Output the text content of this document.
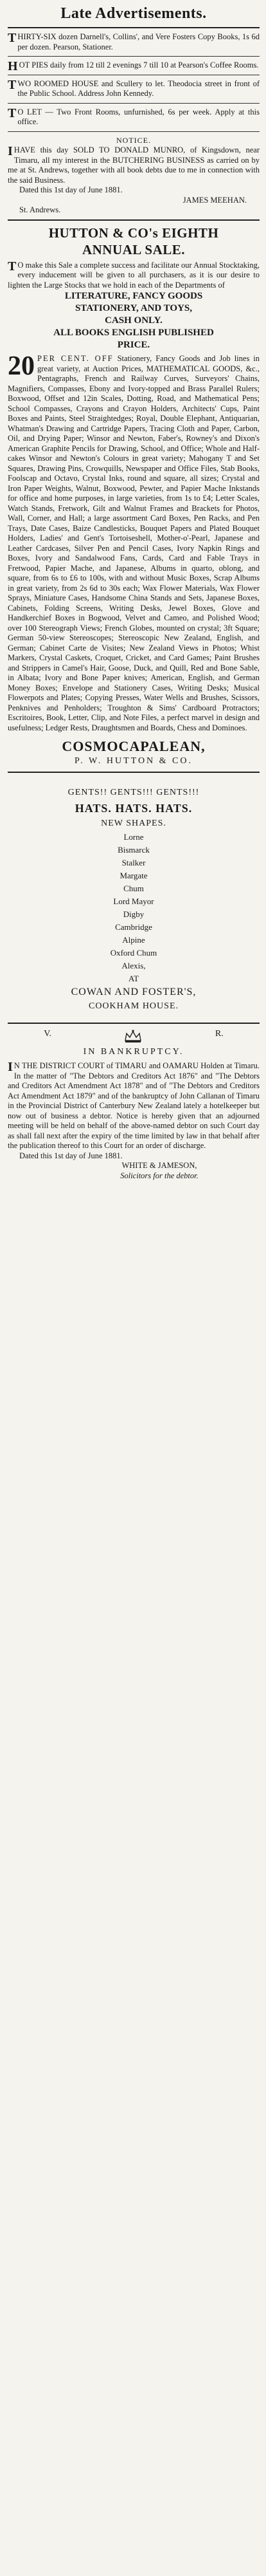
Late Advertisements.
T HIRTY-SIX dozen Darnell's, Collins', and Vere Fosters Copy Books, 1s 6d per dozen. Pearson, Stationer.
H OT PIES daily from 12 till 2 evenings 7 till 10 at Pearson's Coffee Rooms.
T WO ROOMED HOUSE and Scullery to let. Theodocia street in front of the Public School. Address John Kennedy.
T O LET — Two Front Rooms, unfurnished, 6s per week. Apply at this office.
NOTICE.
I HAVE this day SOLD TO DONALD MUNRO, of Kingsdown, near Timaru, all my interest in the BUTCHERING BUSINESS as carried on by me at St. Andrews, together with all book debts due to me in connection with the said Business.
Dated this 1st day of June 1881.
JAMES MEEHAN.
St. Andrews.
HUTTON & CO's EIGHTH
ANNUAL SALE.
T O make this Sale a complete success and facilitate our Annual Stocktaking, every inducement will be given to all purchasers, as it is our desire to lighten the Large Stocks that we hold in each of the Departments of
LITERATURE, FANCY GOODS
STATIONERY, AND TOYS,
CASH ONLY.
ALL BOOKS ENGLISH PUBLISHED
PRICE.
20 PER CENT. OFF Stationery, Fancy Goods and Job lines in great variety, at Auction Prices, MATHEMATICAL GOODS, &c., Pentagraphs, French and Railway Curves, Surveyors' Chains, Magnifiers, Compasses, Ebony and Ivory-topped and Brass Parallel Rulers; Boxwood, Offset and 12in Scales, Dotting, Road, and Mathematical Pens; School Compasses, Crayons and Crayon Holders, Architects' Cups, Paint Boxes and Paints, Steel Straightedges; Royal, Double Elephant, Antiquarian, Whatman's Drawing and Cartridge Papers, Tracing Cloth and Paper, Carbon, Oil, and Drying Paper; Winsor and Newton, Faber's, Rowney's and Dixon's American Graphite Pencils for Drawing, School, and Office; Whole and Half-cakes Winsor and Newton's Colours in great variety; Mahogany T and Set Squares, Drawing Pins, Crowquills, Newspaper and Office Files, Stab Books, Foolscap and Octavo, Crystal Inks, round and square, all sizes; Crystal and Iron Paper Weights, Walnut, Boxwood, Pewter, and Papier Mache Inkstands for office and home purposes, in large varieties, from 1s to £4; Letter Scales, Watch Stands, Fretwork, Gilt and Walnut Frames and Brackets for Photos, Wall, Corner, and Hall; a large assortment Card Boxes, Pen Racks, and Pen Trays, Date Cases, Baize Candlesticks, Bouquet Papers and Plated Bouquet Holders, Ladies' and Gent's Tortoiseshell, Mother-o'-Pearl, Japanese and Leather Cardcases, Silver Pen and Pencil Cases, Ivory Napkin Rings and Boxes, Ivory and Sandalwood Fans, Cards, Card and Fable Trays in Fretwood, Papier Mache, and Japanese, Albums in quarto, oblong, and square, from 6s to £6 to 100s, with and without Music Boxes, Scrap Albums in great variety, from 2s 6d to 30s each; Wax Flower Materials, Wax Flower Sprays, Miniature Cases, Handsome China Stands and Sets, Japanese Boxes, Cabinets, Folding Screens, Writing Desks, Jewel Boxes, Glove and Handkerchief Boxes in Bogwood, Velvet and Cameo, and Polished Wood; over 100 Stereograph Views; French Globes, mounted on crystal; 3ft Square; German 50-view Stereoscopes; Stereoscopic New Zealand, English, and German; Cabinet Carte de Visites; New Zealand Views in Photos; Whist Markers, Crystal Caskets, Croquet, Cricket, and Card Games; Paint Brushes and Strippers in Camel's Hair, Goose, Duck, and Quill, Red and Bone Sable, in Albata; Ivory and Bone Paper knives; American, English, and German Money Boxes; Envelope and Stationery Cases, Writing Desks; Musical Flowerpots and Plates; Copying Presses, Water Wells and Brushes, Scissors, Penknives and Penholders; Troughton & Sims' Cardboard Protractors; Escritoires, Book, Letter, Clip, and Note Files, a perfect marvel in design and usefulness; Ledger Rests, Draughtsmen and Boards, Chess and Dominoes.
COSMOCAPALEAN,
P. W. HUTTON & CO.
GENTS!! GENTS!!! GENTS!!!
HATS. HATS. HATS.
NEW SHAPES.
Lorne
Bismarck
Stalker
Margate
Chum
Lord Mayor
Digby
Cambridge
Alpine
Oxford Chum
Alexis,
AT
COWAN AND FOSTER'S,
COOKHAM HOUSE.
V.	R.
IN BANKRUPTCY.
I N THE DISTRICT COURT of TIMARU and OAMARU Holden at Timaru. In the matter of "The Debtors and Creditors Act 1876" and "The Debtors and Creditors Act Amendment Act 1878" and of "The Debtors and Creditors Act Amendment Act 1879" and of the bankruptcy of John Callanan of Timaru in the Provincial District of Canterbury New Zealand lately a hotelkeeper but now out of business a debtor. Notice is hereby given that an adjourned meeting will be held on behalf of the above-named debtor on such Court day as shall fall next after the expiry of the time limited by law in that behalf after the publication thereof to this Court for an order of discharge.
Dated this 1st day of June 1881.
WHITE & JAMESON,
Solicitors for the debtor.
